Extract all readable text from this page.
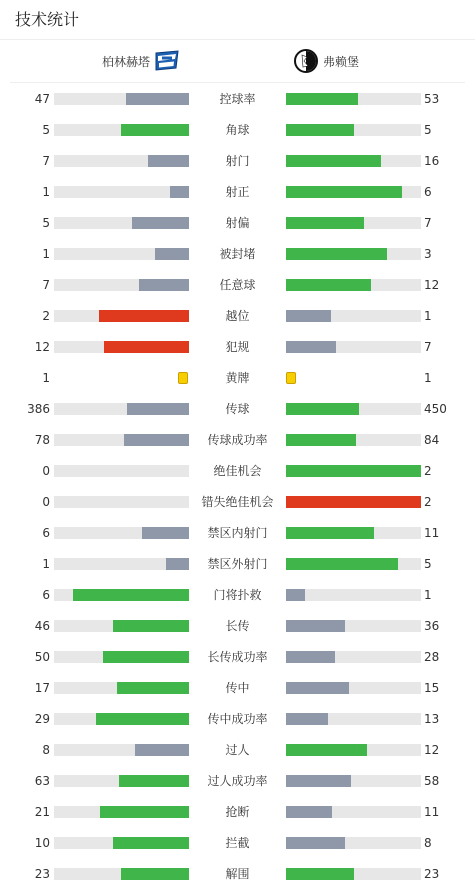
技术统计
柏林赫塔	弗赖堡
47	控球率	53
5	角球	5
7	射门	16
1	射正	6
5	射偏	7
1	被封堵	3
7	任意球	12
2	越位	1
12	犯规	7
1	黄牌	1
386	传球	450
78	传球成功率	84
0	绝佳机会	2
0	错失绝佳机会	2
6	禁区内射门	11
1	禁区外射门	5
6	门将扑救	1
46	长传	36
50	长传成功率	28
17	传中	15
29	传中成功率	13
8	过人	12
63	过人成功率	58
21	抢断	11
10	拦截	8
23	解围	23
